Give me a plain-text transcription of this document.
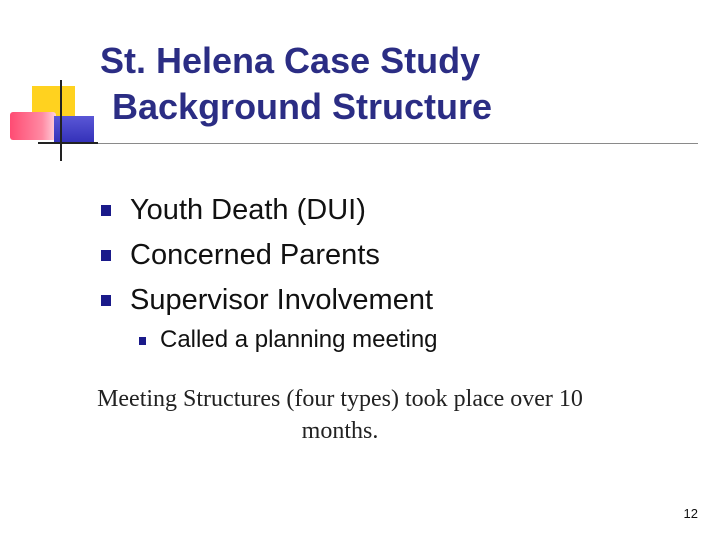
St. Helena Case Study
Background Structure
Youth Death (DUI)
Concerned Parents
Supervisor Involvement
Called a planning meeting

Meeting Structures (four types) took place over 10 months.

12
